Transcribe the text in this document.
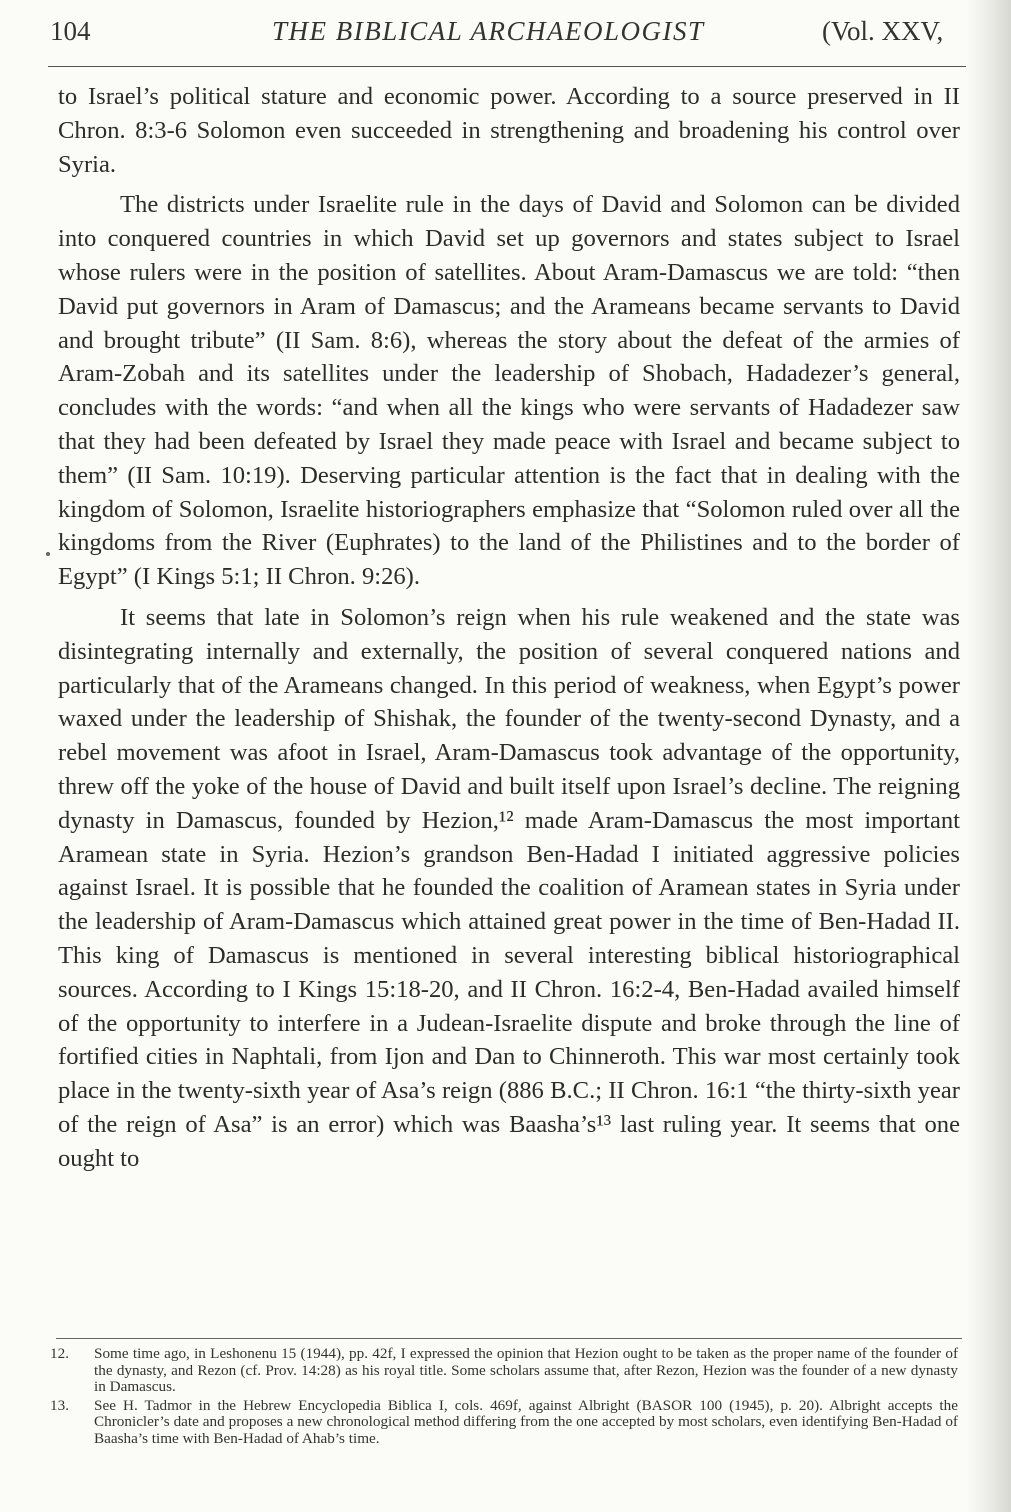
104	THE BIBLICAL ARCHAEOLOGIST	(Vol. XXV,

to Israel’s political stature and economic power. According to a source preserved in II Chron. 8:3-6 Solomon even succeeded in strengthening and broadening his control over Syria.

The districts under Israelite rule in the days of David and Solomon can be divided into conquered countries in which David set up governors and states subject to Israel whose rulers were in the position of satellites. About Aram-Damascus we are told: “then David put governors in Aram of Damascus; and the Arameans became servants to David and brought tribute” (II Sam. 8:6), whereas the story about the defeat of the armies of Aram-Zobah and its satellites under the leadership of Shobach, Hadadezer’s general, concludes with the words: “and when all the kings who were servants of Hadadezer saw that they had been defeated by Israel they made peace with Israel and became subject to them” (II Sam. 10:19). Deserving particular attention is the fact that in dealing with the kingdom of Solomon, Israelite historiographers emphasize that “Solomon ruled over all the kingdoms from the River (Euphrates) to the land of the Philistines and to the border of Egypt” (I Kings 5:1; II Chron. 9:26).

It seems that late in Solomon’s reign when his rule weakened and the state was disintegrating internally and externally, the position of several conquered nations and particularly that of the Arameans changed. In this period of weakness, when Egypt’s power waxed under the leadership of Shishak, the founder of the twenty-second Dynasty, and a rebel movement was afoot in Israel, Aram-Damascus took advantage of the opportunity, threw off the yoke of the house of David and built itself upon Israel’s decline. The reigning dynasty in Damascus, founded by Hezion,¹² made Aram-Damascus the most important Aramean state in Syria. Hezion’s grandson Ben-Hadad I initiated aggressive policies against Israel. It is possible that he founded the coalition of Aramean states in Syria under the leadership of Aram-Damascus which attained great power in the time of Ben-Hadad II. This king of Damascus is mentioned in several interesting biblical historiographical sources. According to I Kings 15:18-20, and II Chron. 16:2-4, Ben-Hadad availed himself of the opportunity to interfere in a Judean-Israelite dispute and broke through the line of fortified cities in Naphtali, from Ijon and Dan to Chinneroth. This war most certainly took place in the twenty-sixth year of Asa’s reign (886 B.C.; II Chron. 16:1 “the thirty-sixth year of the reign of Asa” is an error) which was Baasha’s¹³ last ruling year. It seems that one ought to

12. Some time ago, in Leshonenu 15 (1944), pp. 42f, I expressed the opinion that Hezion ought to be taken as the proper name of the founder of the dynasty, and Rezon (cf. Prov. 14:28) as his royal title. Some scholars assume that, after Rezon, Hezion was the founder of a new dynasty in Damascus.
13. See H. Tadmor in the Hebrew Encyclopedia Biblica I, cols. 469f, against Albright (BASOR 100 (1945), p. 20). Albright accepts the Chronicler’s date and proposes a new chronological method differing from the one accepted by most scholars, even identifying Ben-Hadad of Baasha’s time with Ben-Hadad of Ahab’s time.
